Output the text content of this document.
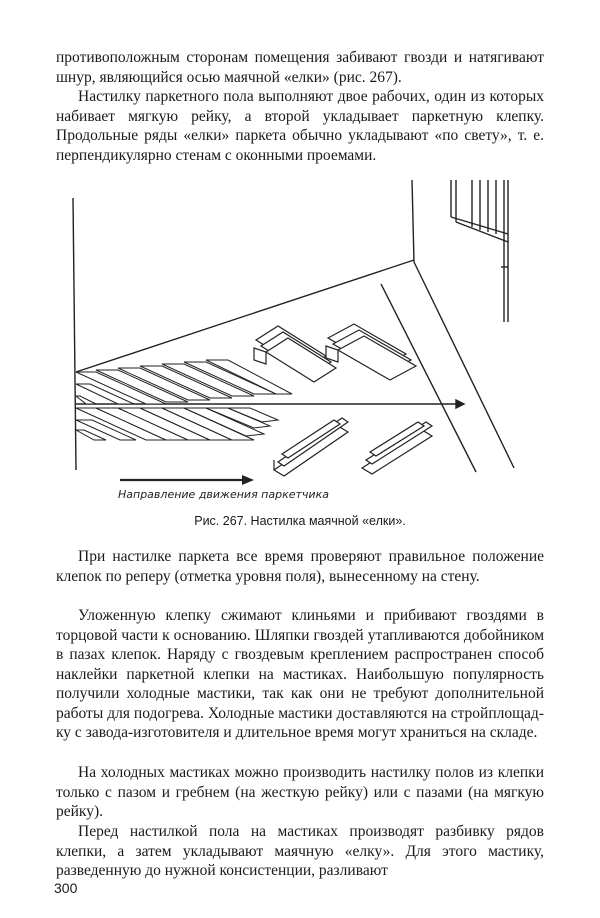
противоположным сторонам помещения забивают гвозди и натягивают шнур, являющийся осью маячной «елки» (рис. 267).

Настилку паркетного пола выполняют двое рабочих, один из которых набивает мягкую рейку, а второй укладывает паркетную клепку. Продольные ряды «елки» паркета обычно укладывают «по свету», т. е. перпендикулярно стенам с оконными проемами.

Направление движения паркетчика
Рис. 267. Настилка маячной «елки».

При настилке паркета все время проверяют правильное положение клепок по реперу (отметка уровня поля), вынесенному на стену.

Уложенную клепку сжимают клиньями и прибивают гвоздями в торцовой части к основанию. Шляпки гвоздей утапливаются добойником в пазах клепок. Наряду с гвоздевым креплением распространен способ наклейки паркетной клепки на мастиках. Наибольшую популярность получили холодные мастики, так как они не требуют дополнительной работы для подогрева. Холодные мастики доставляются на стройплощадку с завода-изготовителя и длительное время могут храниться на складе.

На холодных мастиках можно производить настилку полов из клепки только с пазом и гребнем (на жесткую рейку) или с пазами (на мягкую рейку).

Перед настилкой пола на мастиках производят разбивку рядов клепки, а затем укладывают маячную «елку». Для этого мастику, разведенную до нужной консистенции, разливают

300
